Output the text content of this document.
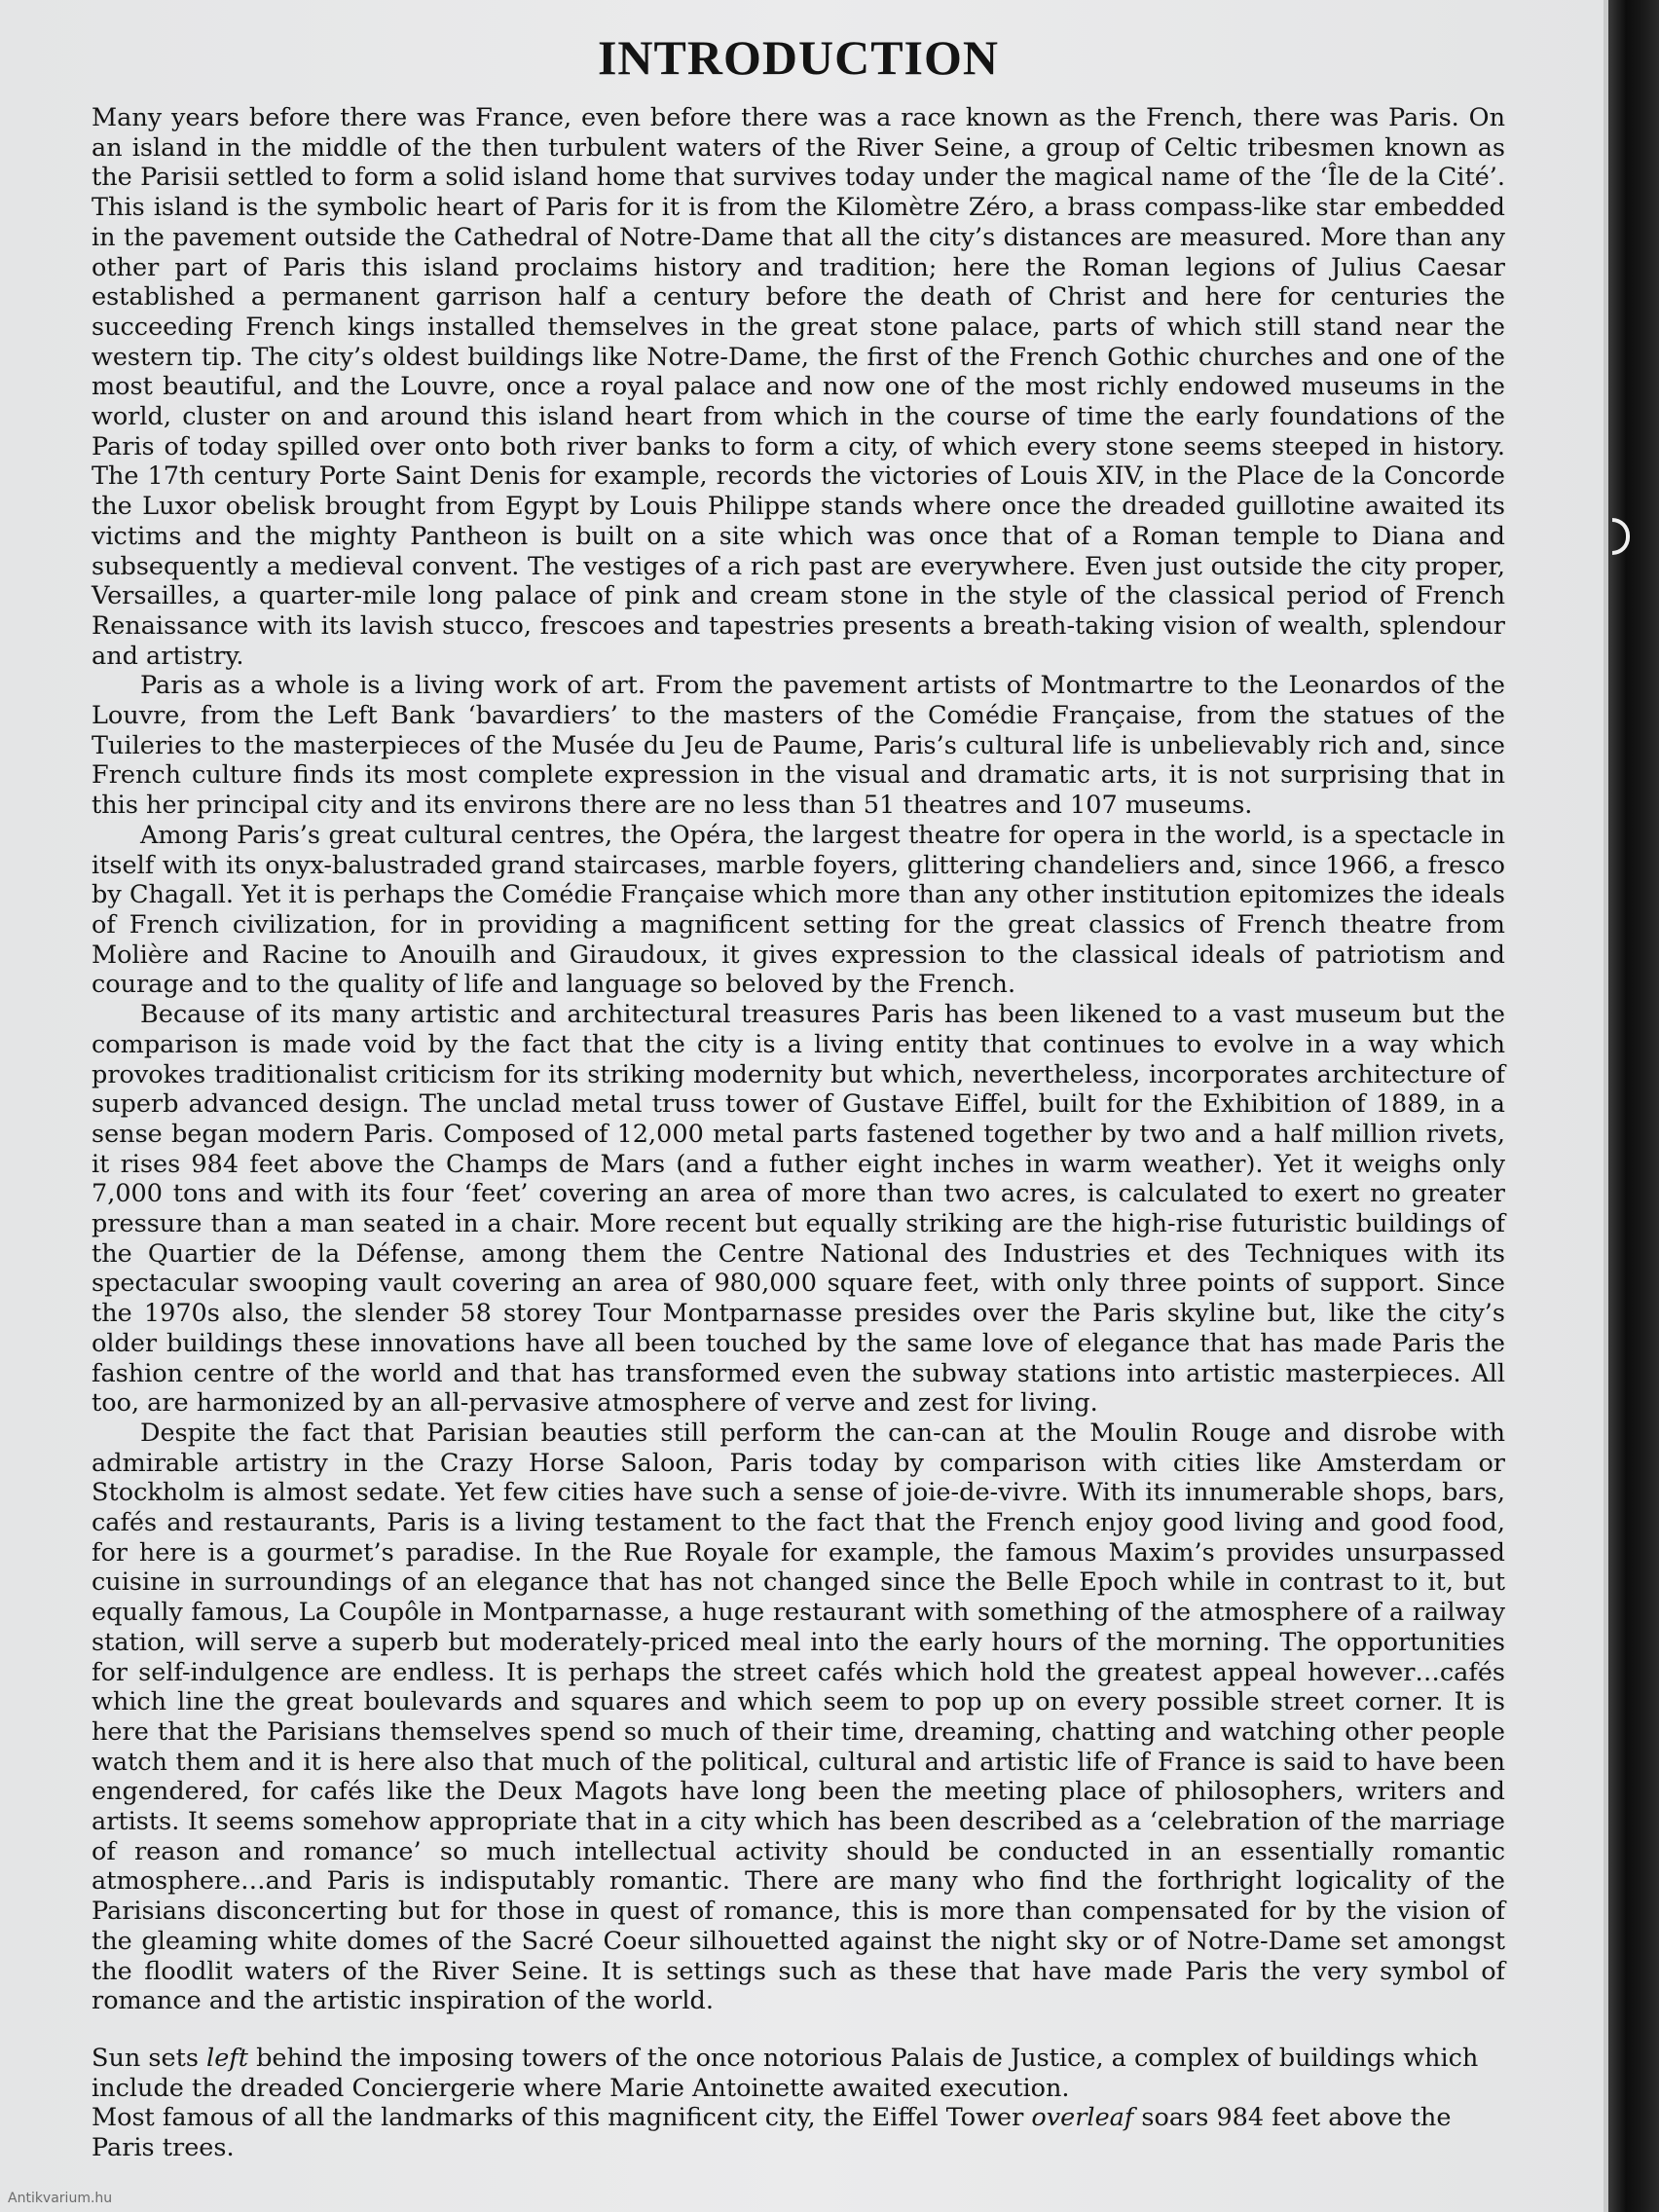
INTRODUCTION

Many years before there was France, even before there was a race known as the French, there was Paris. On an island in the middle of the then turbulent waters of the River Seine, a group of Celtic tribesmen known as the Parisii settled to form a solid island home that survives today under the magical name of the ‘Île de la Cité’. This island is the symbolic heart of Paris for it is from the Kilomètre Zéro, a brass compass-like star embedded in the pavement outside the Cathedral of Notre-Dame that all the city’s distances are measured. More than any other part of Paris this island proclaims history and tradition; here the Roman legions of Julius Caesar established a permanent garrison half a century before the death of Christ and here for centuries the succeeding French kings installed themselves in the great stone palace, parts of which still stand near the western tip. The city’s oldest buildings like Notre-Dame, the first of the French Gothic churches and one of the most beautiful, and the Louvre, once a royal palace and now one of the most richly endowed museums in the world, cluster on and around this island heart from which in the course of time the early foundations of the Paris of today spilled over onto both river banks to form a city, of which every stone seems steeped in history. The 17th century Porte Saint Denis for example, records the victories of Louis XIV, in the Place de la Concorde the Luxor obelisk brought from Egypt by Louis Philippe stands where once the dreaded guillotine awaited its victims and the mighty Pantheon is built on a site which was once that of a Roman temple to Diana and subsequently a medieval convent. The vestiges of a rich past are everywhere. Even just outside the city proper, Versailles, a quarter-mile long palace of pink and cream stone in the style of the classical period of French Renaissance with its lavish stucco, frescoes and tapestries presents a breath-taking vision of wealth, splendour and artistry.

Paris as a whole is a living work of art. From the pavement artists of Montmartre to the Leonardos of the Louvre, from the Left Bank ‘bavardiers’ to the masters of the Comédie Française, from the statues of the Tuileries to the masterpieces of the Musée du Jeu de Paume, Paris’s cultural life is unbelievably rich and, since French culture finds its most complete expression in the visual and dramatic arts, it is not surprising that in this her principal city and its environs there are no less than 51 theatres and 107 museums.

Among Paris’s great cultural centres, the Opéra, the largest theatre for opera in the world, is a spectacle in itself with its onyx-balustraded grand staircases, marble foyers, glittering chandeliers and, since 1966, a fresco by Chagall. Yet it is perhaps the Comédie Française which more than any other institution epitomizes the ideals of French civilization, for in providing a magnificent setting for the great classics of French theatre from Molière and Racine to Anouilh and Giraudoux, it gives expression to the classical ideals of patriotism and courage and to the quality of life and language so beloved by the French.

Because of its many artistic and architectural treasures Paris has been likened to a vast museum but the comparison is made void by the fact that the city is a living entity that continues to evolve in a way which provokes traditionalist criticism for its striking modernity but which, nevertheless, incorporates architecture of superb advanced design. The unclad metal truss tower of Gustave Eiffel, built for the Exhibition of 1889, in a sense began modern Paris. Composed of 12,000 metal parts fastened together by two and a half million rivets, it rises 984 feet above the Champs de Mars (and a futher eight inches in warm weather). Yet it weighs only 7,000 tons and with its four ‘feet’ covering an area of more than two acres, is calculated to exert no greater pressure than a man seated in a chair. More recent but equally striking are the high-rise futuristic buildings of the Quartier de la Défense, among them the Centre National des Industries et des Techniques with its spectacular swooping vault covering an area of 980,000 square feet, with only three points of support. Since the 1970s also, the slender 58 storey Tour Montparnasse presides over the Paris skyline but, like the city’s older buildings these innovations have all been touched by the same love of elegance that has made Paris the fashion centre of the world and that has transformed even the subway stations into artistic masterpieces. All too, are harmonized by an all-pervasive atmosphere of verve and zest for living.

Despite the fact that Parisian beauties still perform the can-can at the Moulin Rouge and disrobe with admirable artistry in the Crazy Horse Saloon, Paris today by comparison with cities like Amsterdam or Stockholm is almost sedate. Yet few cities have such a sense of joie-de-vivre. With its innumerable shops, bars, cafés and restaurants, Paris is a living testament to the fact that the French enjoy good living and good food, for here is a gourmet’s paradise. In the Rue Royale for example, the famous Maxim’s provides unsurpassed cuisine in surroundings of an elegance that has not changed since the Belle Epoch while in contrast to it, but equally famous, La Coupôle in Montparnasse, a huge restaurant with something of the atmosphere of a railway station, will serve a superb but moderately-priced meal into the early hours of the morning. The opportunities for self-indulgence are endless. It is perhaps the street cafés which hold the greatest appeal however…cafés which line the great boulevards and squares and which seem to pop up on every possible street corner. It is here that the Parisians themselves spend so much of their time, dreaming, chatting and watching other people watch them and it is here also that much of the political, cultural and artistic life of France is said to have been engendered, for cafés like the Deux Magots have long been the meeting place of philosophers, writers and artists. It seems somehow appropriate that in a city which has been described as a ‘celebration of the marriage of reason and romance’ so much intellectual activity should be conducted in an essentially romantic atmosphere…and Paris is indisputably romantic. There are many who find the forthright logicality of the Parisians disconcerting but for those in quest of romance, this is more than compensated for by the vision of the gleaming white domes of the Sacré Coeur silhouetted against the night sky or of Notre-Dame set amongst the floodlit waters of the River Seine. It is settings such as these that have made Paris the very symbol of romance and the artistic inspiration of the world.

Sun sets left behind the imposing towers of the once notorious Palais de Justice, a complex of buildings which include the dreaded Conciergerie where Marie Antoinette awaited execution.

Most famous of all the landmarks of this magnificent city, the Eiffel Tower overleaf soars 984 feet above the Paris trees.

Antikvarium.hu
